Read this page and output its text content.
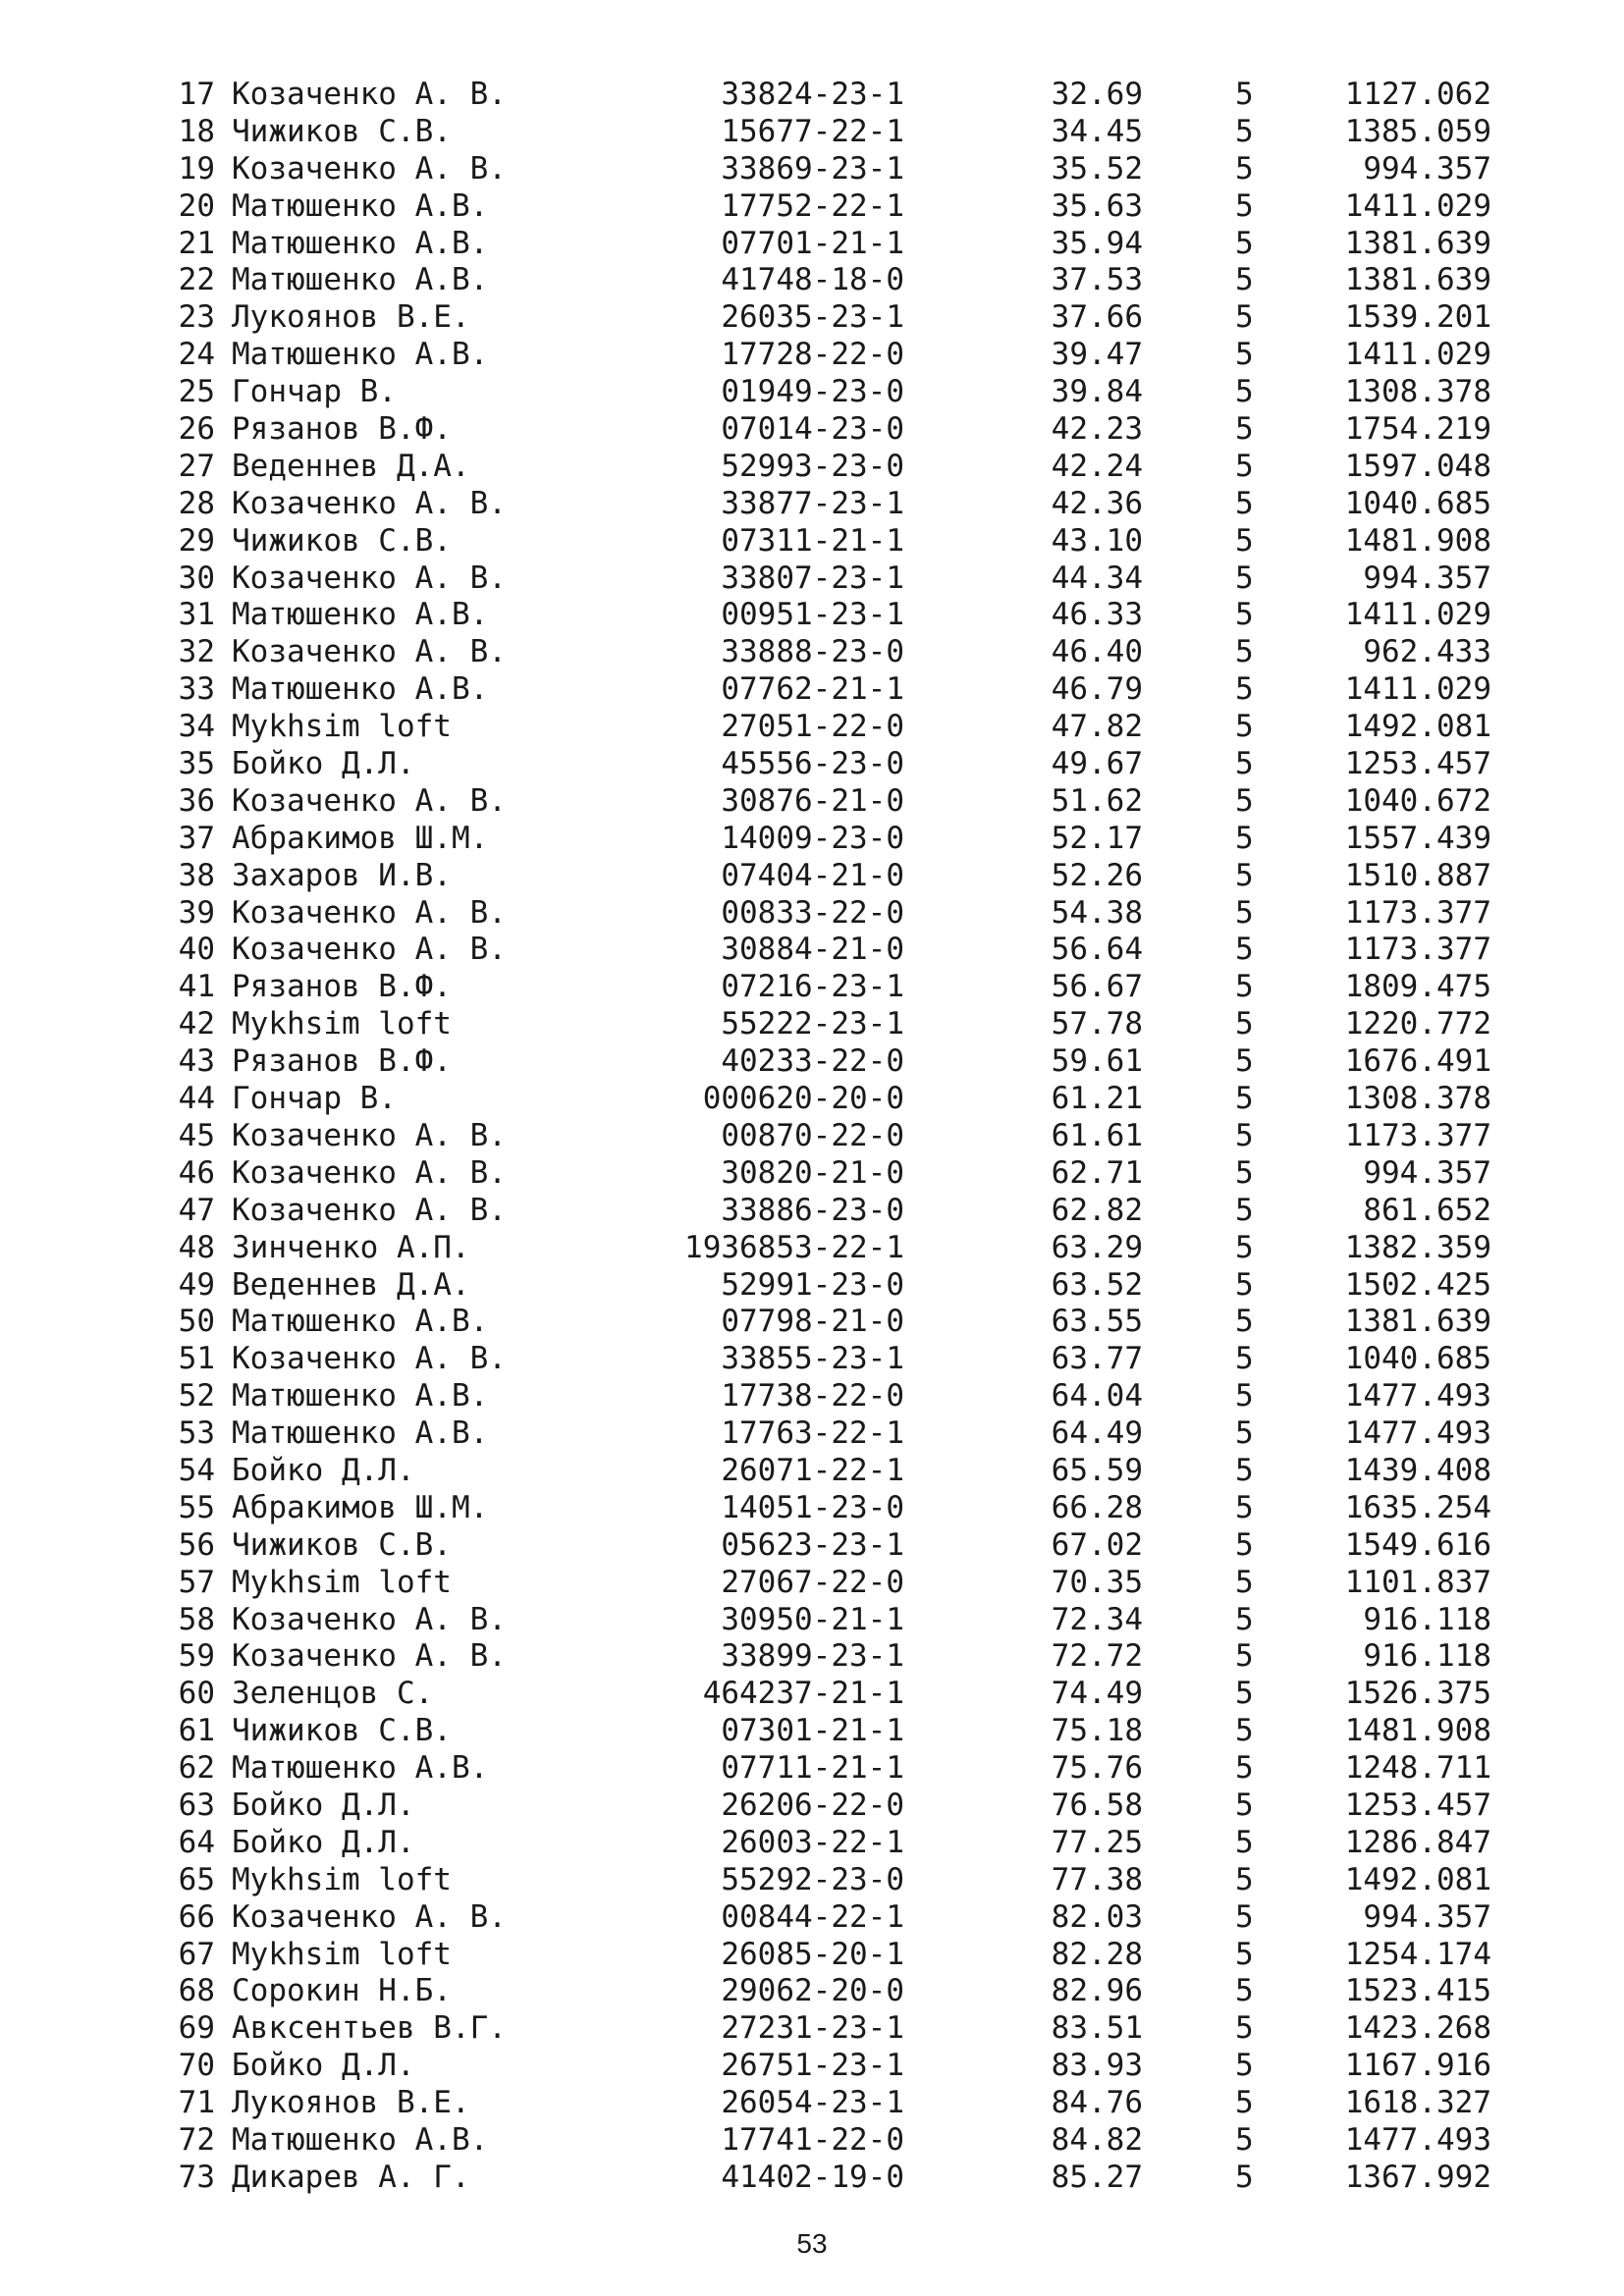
17 Козаченко А. В.	33824-23-1	32.69	5	1127.062
18 Чижиков С.В.	15677-22-1	34.45	5	1385.059
19 Козаченко А. В.	33869-23-1	35.52	5	994.357
20 Матюшенко А.В.	17752-22-1	35.63	5	1411.029
21 Матюшенко А.В.	07701-21-1	35.94	5	1381.639
22 Матюшенко А.В.	41748-18-0	37.53	5	1381.639
23 Лукоянов В.Е.	26035-23-1	37.66	5	1539.201
24 Матюшенко А.В.	17728-22-0	39.47	5	1411.029
25 Гончар В.	01949-23-0	39.84	5	1308.378
26 Рязанов В.Ф.	07014-23-0	42.23	5	1754.219
27 Веденнев Д.А.	52993-23-0	42.24	5	1597.048
28 Козаченко А. В.	33877-23-1	42.36	5	1040.685
29 Чижиков С.В.	07311-21-1	43.10	5	1481.908
30 Козаченко А. В.	33807-23-1	44.34	5	994.357
31 Матюшенко А.В.	00951-23-1	46.33	5	1411.029
32 Козаченко А. В.	33888-23-0	46.40	5	962.433
33 Матюшенко А.В.	07762-21-1	46.79	5	1411.029
34 Mykhsim loft	27051-22-0	47.82	5	1492.081
35 Бойко Д.Л.	45556-23-0	49.67	5	1253.457
36 Козаченко А. В.	30876-21-0	51.62	5	1040.672
37 Абракимов Ш.М.	14009-23-0	52.17	5	1557.439
38 Захаров И.В.	07404-21-0	52.26	5	1510.887
39 Козаченко А. В.	00833-22-0	54.38	5	1173.377
40 Козаченко А. В.	30884-21-0	56.64	5	1173.377
41 Рязанов В.Ф.	07216-23-1	56.67	5	1809.475
42 Mykhsim loft	55222-23-1	57.78	5	1220.772
43 Рязанов В.Ф.	40233-22-0	59.61	5	1676.491
44 Гончар В.	000620-20-0	61.21	5	1308.378
45 Козаченко А. В.	00870-22-0	61.61	5	1173.377
46 Козаченко А. В.	30820-21-0	62.71	5	994.357
47 Козаченко А. В.	33886-23-0	62.82	5	861.652
48 Зинченко А.П.	1936853-22-1	63.29	5	1382.359
49 Веденнев Д.А.	52991-23-0	63.52	5	1502.425
50 Матюшенко А.В.	07798-21-0	63.55	5	1381.639
51 Козаченко А. В.	33855-23-1	63.77	5	1040.685
52 Матюшенко А.В.	17738-22-0	64.04	5	1477.493
53 Матюшенко А.В.	17763-22-1	64.49	5	1477.493
54 Бойко Д.Л.	26071-22-1	65.59	5	1439.408
55 Абракимов Ш.М.	14051-23-0	66.28	5	1635.254
56 Чижиков С.В.	05623-23-1	67.02	5	1549.616
57 Mykhsim loft	27067-22-0	70.35	5	1101.837
58 Козаченко А. В.	30950-21-1	72.34	5	916.118
59 Козаченко А. В.	33899-23-1	72.72	5	916.118
60 Зеленцов С.	464237-21-1	74.49	5	1526.375
61 Чижиков С.В.	07301-21-1	75.18	5	1481.908
62 Матюшенко А.В.	07711-21-1	75.76	5	1248.711
63 Бойко Д.Л.	26206-22-0	76.58	5	1253.457
64 Бойко Д.Л.	26003-22-1	77.25	5	1286.847
65 Mykhsim loft	55292-23-0	77.38	5	1492.081
66 Козаченко А. В.	00844-22-1	82.03	5	994.357
67 Mykhsim loft	26085-20-1	82.28	5	1254.174
68 Сорокин Н.Б.	29062-20-0	82.96	5	1523.415
69 Авксентьев В.Г.	27231-23-1	83.51	5	1423.268
70 Бойко Д.Л.	26751-23-1	83.93	5	1167.916
71 Лукоянов В.Е.	26054-23-1	84.76	5	1618.327
72 Матюшенко А.В.	17741-22-0	84.82	5	1477.493
73 Дикарев А. Г.	41402-19-0	85.27	5	1367.992
53
